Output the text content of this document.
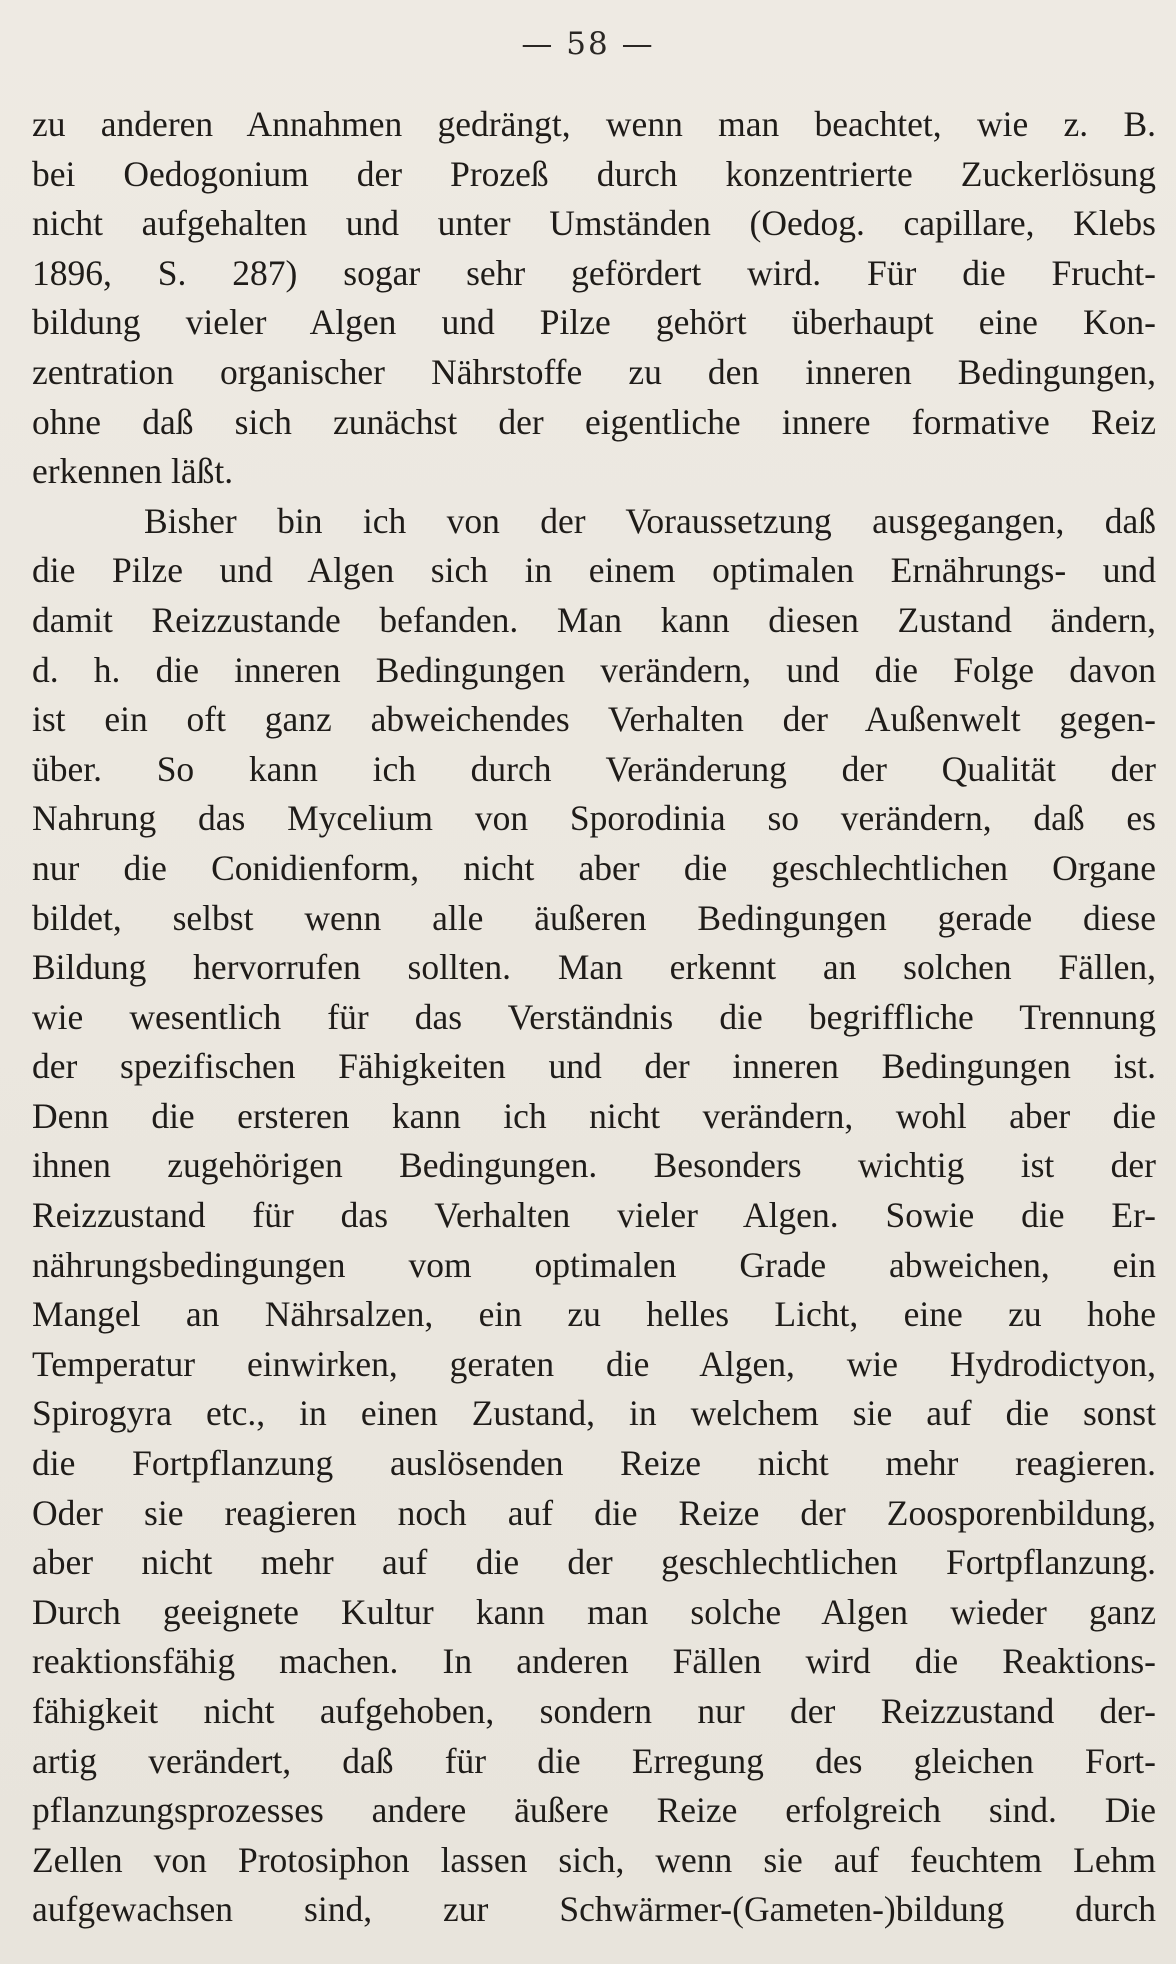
— 58 —
zu anderen Annahmen gedrängt, wenn man beachtet, wie z. B.
bei Oedogonium der Prozeß durch konzentrierte Zuckerlösung
nicht aufgehalten und unter Umständen (Oedog. capillare, Klebs
1896, S. 287) sogar sehr gefördert wird. Für die Frucht-
bildung vieler Algen und Pilze gehört überhaupt eine Kon-
zentration organischer Nährstoffe zu den inneren Bedingungen,
ohne daß sich zunächst der eigentliche innere formative Reiz
erkennen läßt.
Bisher bin ich von der Voraussetzung ausgegangen, daß
die Pilze und Algen sich in einem optimalen Ernährungs- und
damit Reizzustande befanden. Man kann diesen Zustand ändern,
d. h. die inneren Bedingungen verändern, und die Folge davon
ist ein oft ganz abweichendes Verhalten der Außenwelt gegen-
über. So kann ich durch Veränderung der Qualität der
Nahrung das Mycelium von Sporodinia so verändern, daß es
nur die Conidienform, nicht aber die geschlechtlichen Organe
bildet, selbst wenn alle äußeren Bedingungen gerade diese
Bildung hervorrufen sollten. Man erkennt an solchen Fällen,
wie wesentlich für das Verständnis die begriffliche Trennung
der spezifischen Fähigkeiten und der inneren Bedingungen ist.
Denn die ersteren kann ich nicht verändern, wohl aber die
ihnen zugehörigen Bedingungen. Besonders wichtig ist der
Reizzustand für das Verhalten vieler Algen. Sowie die Er-
nährungsbedingungen vom optimalen Grade abweichen, ein
Mangel an Nährsalzen, ein zu helles Licht, eine zu hohe
Temperatur einwirken, geraten die Algen, wie Hydrodictyon,
Spirogyra etc., in einen Zustand, in welchem sie auf die sonst
die Fortpflanzung auslösenden Reize nicht mehr reagieren.
Oder sie reagieren noch auf die Reize der Zoosporenbildung,
aber nicht mehr auf die der geschlechtlichen Fortpflanzung.
Durch geeignete Kultur kann man solche Algen wieder ganz
reaktionsfähig machen. In anderen Fällen wird die Reaktions-
fähigkeit nicht aufgehoben, sondern nur der Reizzustand der-
artig verändert, daß für die Erregung des gleichen Fort-
pflanzungsprozesses andere äußere Reize erfolgreich sind. Die
Zellen von Protosiphon lassen sich, wenn sie auf feuchtem Lehm
aufgewachsen sind, zur Schwärmer-(Gameten-)bildung durch
